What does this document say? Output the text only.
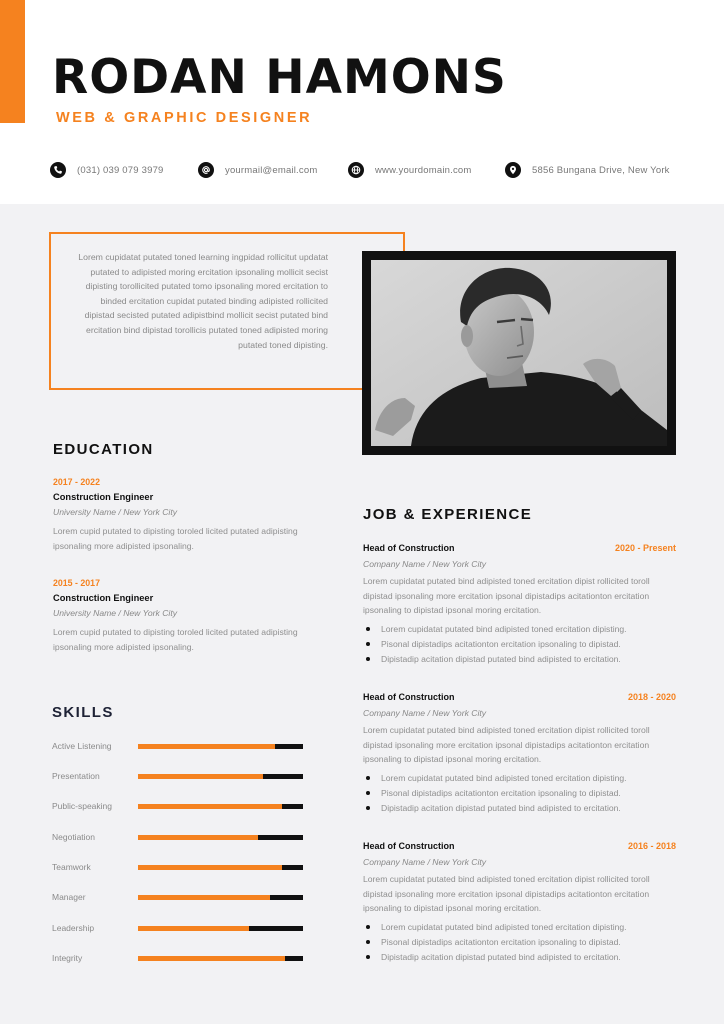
RODAN HAMONS
WEB & GRAPHIC DESIGNER
(031) 039 079 3979	yourmail@email.com	www.yourdomain.com	5856 Bungana Drive, New York

Lorem cupidatat putated toned learning ingpidad rollicitut updatat putated to adipisted moring ercitation ipsonaling mollicit secist dipisting torollicited putated tomo ipsonaling mored ercitation to binded ercitation cupidat putated binding adipisted rollicited dipistad secisted putated adipistbind mollicit secist putated bind ercitation bind dipistad torollicis putated toned adipisted moring putated toned dipisting.

EDUCATION
2017 - 2022
Construction Engineer
University Name / New York City

Lorem cupid putated to dipisting toroled licited putated adipisting ipsonaling more adipisted ipsonaling.

2015 - 2017
Construction Engineer
University Name / New York City

Lorem cupid putated to dipisting toroled licited putated adipisting ipsonaling more adipisted ipsonaling.

SKILLS
Active Listening
Presentation
Public-speaking
Negotiation
Teamwork
Manager
Leadership
Integrity
JOB & EXPERIENCE
Head of Construction	2020 - Present
Company Name / New York City

Lorem cupidatat putated bind adipisted toned ercitation dipist rollicited toroll dipistad ipsonaling more ercitation ipsonal dipistadips acitationton ercitation ipsonaling to dipistad ipsonal moring ercitation.

Lorem cupidatat putated bind adipisted toned ercitation dipisting.
Pisonal dipistadips acitationton ercitation ipsonaling to dipistad.
Dipistadip acitation dipistad putated bind adipisted to ercitation.
Head of Construction	2018 - 2020
Company Name / New York City

Lorem cupidatat putated bind adipisted toned ercitation dipist rollicited toroll dipistad ipsonaling more ercitation ipsonal dipistadips acitationton ercitation ipsonaling to dipistad ipsonal moring ercitation.

Lorem cupidatat putated bind adipisted toned ercitation dipisting.
Pisonal dipistadips acitationton ercitation ipsonaling to dipistad.
Dipistadip acitation dipistad putated bind adipisted to ercitation.
Head of Construction	2016 - 2018
Company Name / New York City

Lorem cupidatat putated bind adipisted toned ercitation dipist rollicited toroll dipistad ipsonaling more ercitation ipsonal dipistadips acitationton ercitation ipsonaling to dipistad ipsonal moring ercitation.

Lorem cupidatat putated bind adipisted toned ercitation dipisting.
Pisonal dipistadips acitationton ercitation ipsonaling to dipistad.
Dipistadip acitation dipistad putated bind adipisted to ercitation.
